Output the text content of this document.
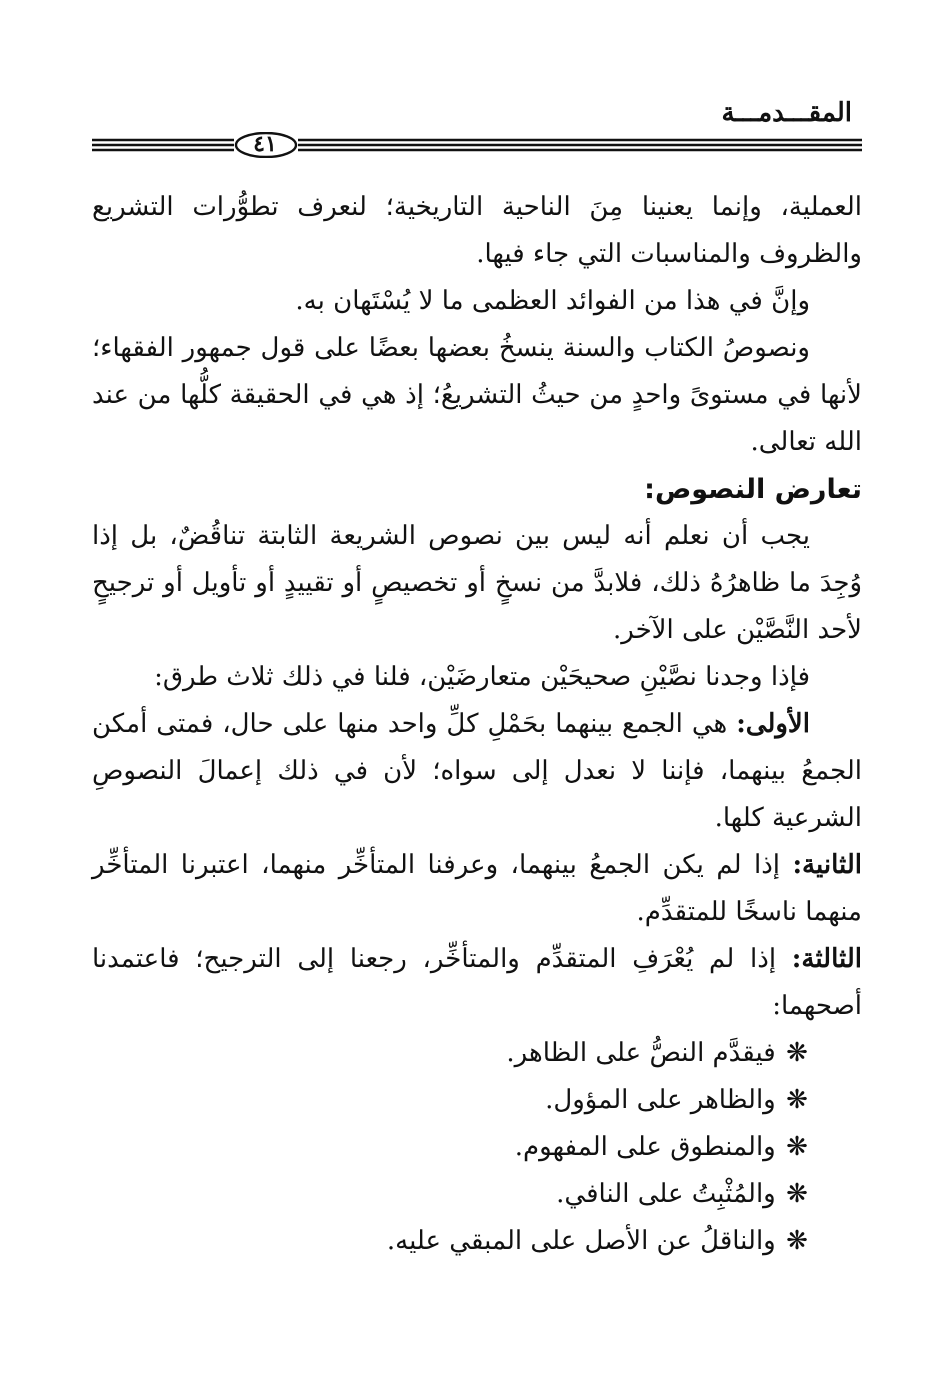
المقـــدمـــة
٤١

العملية، وإنما يعنينا مِنَ الناحية التاريخية؛ لنعرف تطوُّرات التشريع والظروف والمناسبات التي جاء فيها.

وإنَّ في هذا من الفوائد العظمى ما لا يُسْتَهان به.

ونصوصُ الكتاب والسنة ينسخُ بعضها بعضًا على قول جمهور الفقهاء؛ لأنها في مستوىً واحدٍ من حيثُ التشريعُ؛ إذ هي في الحقيقة كلُّها من عند الله تعالى.

تعارض النصوص:

يجب أن نعلم أنه ليس بين نصوص الشريعة الثابتة تناقُضٌ، بل إذا وُجِدَ ما ظاهرُهُ ذلك، فلابدَّ من نسخٍ أو تخصيصٍ أو تقييدٍ أو تأويل أو ترجيحٍ لأحد النَّصَّيْن على الآخر.

فإذا وجدنا نصَّيْنِ صحيحَيْن متعارضَيْن، فلنا في ذلك ثلاث طرق:

الأولى: هي الجمع بينهما بحَمْلِ كلِّ واحد منها على حال، فمتى أمكن الجمعُ بينهما، فإننا لا نعدل إلى سواه؛ لأن في ذلك إعمالَ النصوصِ الشرعية كلها.

الثانية: إذا لم يكن الجمعُ بينهما، وعرفنا المتأخِّر منهما، اعتبرنا المتأخِّر منهما ناسخًا للمتقدِّم.

الثالثة: إذا لم يُعْرَفِ المتقدِّم والمتأخِّر، رجعنا إلى الترجيح؛ فاعتمدنا أصحهما:

❋ فيقدَّم النصُّ على الظاهر.
❋ والظاهر على المؤول.
❋ والمنطوق على المفهوم.
❋ والمُثْبِتُ على النافي.
❋ والناقلُ عن الأصل على المبقي عليه.
